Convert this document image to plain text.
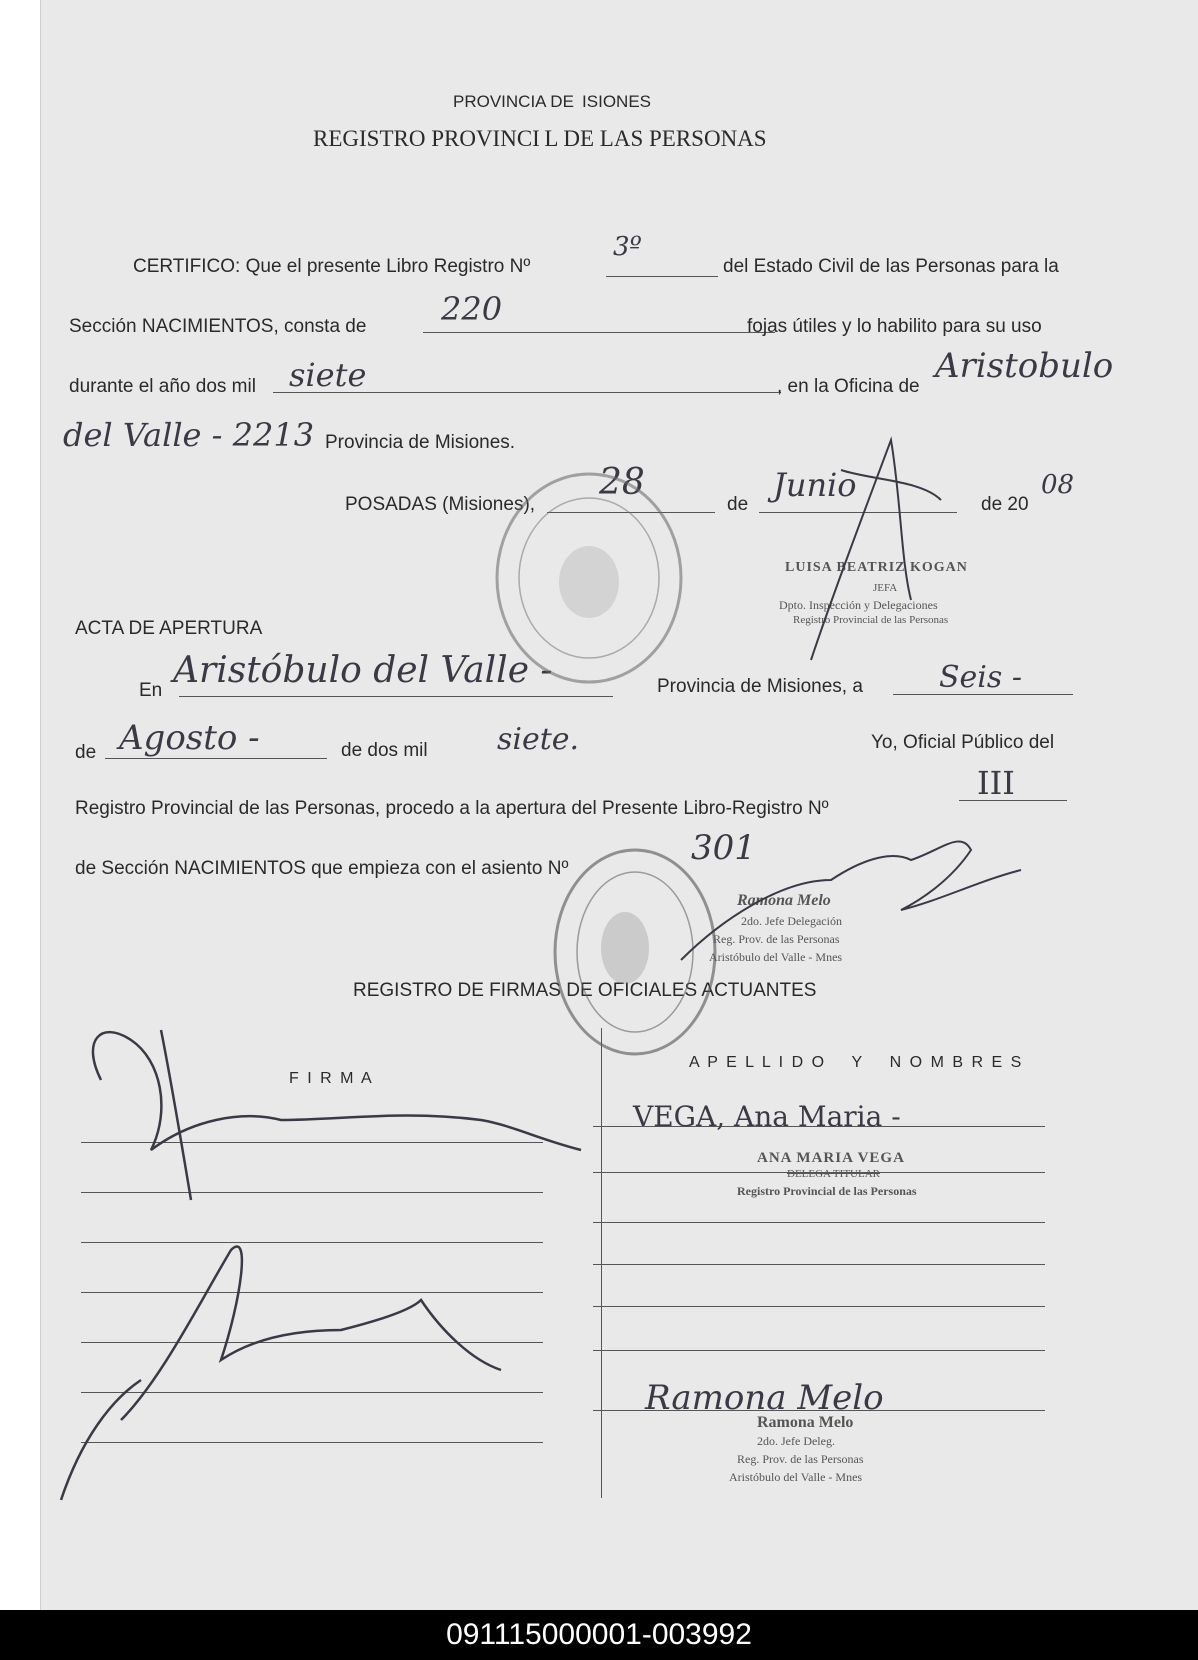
PROVINCIA DE  ISIONES
REGISTRO PROVINCI L DE LAS PERSONAS
CERTIFICO: Que el presente Libro Registro Nº
3º
del Estado Civil de las Personas para la
Sección NACIMIENTOS, consta de 220	fojas útiles y lo habilito para su uso
durante el año dos mil siete	, en la Oficina de
Aristobulo
del Valle - 2213 Provincia de Misiones.
POSADAS (Misiones),
28
de
Junio
de 20
08
LUISA BEATRIZ KOGAN
JEFA
Dpto. Inspección y Delegaciones
Registro Provincial de las Personas
ACTA DE APERTURA
En Aristóbulo del Valle -	Provincia de Misiones, a	Seis -
de Agosto -	de dos mil siete.	Yo, Oficial Público del
Registro Provincial de las Personas, procedo a la apertura del Presente Libro-Registro Nº
III
de Sección NACIMIENTOS que empieza con el asiento Nº
301
Ramona Melo
2do. Jefe Delegación
Reg. Prov. de las Personas
Aristóbulo del Valle - Mnes
REGISTRO DE FIRMAS DE OFICIALES ACTUANTES
F I R M A
A P E L L I D O    Y    N O M B R E S
VEGA, Ana Maria -
ANA MARIA VEGA
DELEGA TITULAR
Registro Provincial de las Personas
Ramona Melo
Ramona Melo
2do. Jefe Deleg.
Reg. Prov. de las Personas
Aristóbulo del Valle - Mnes
091115000001-003992
